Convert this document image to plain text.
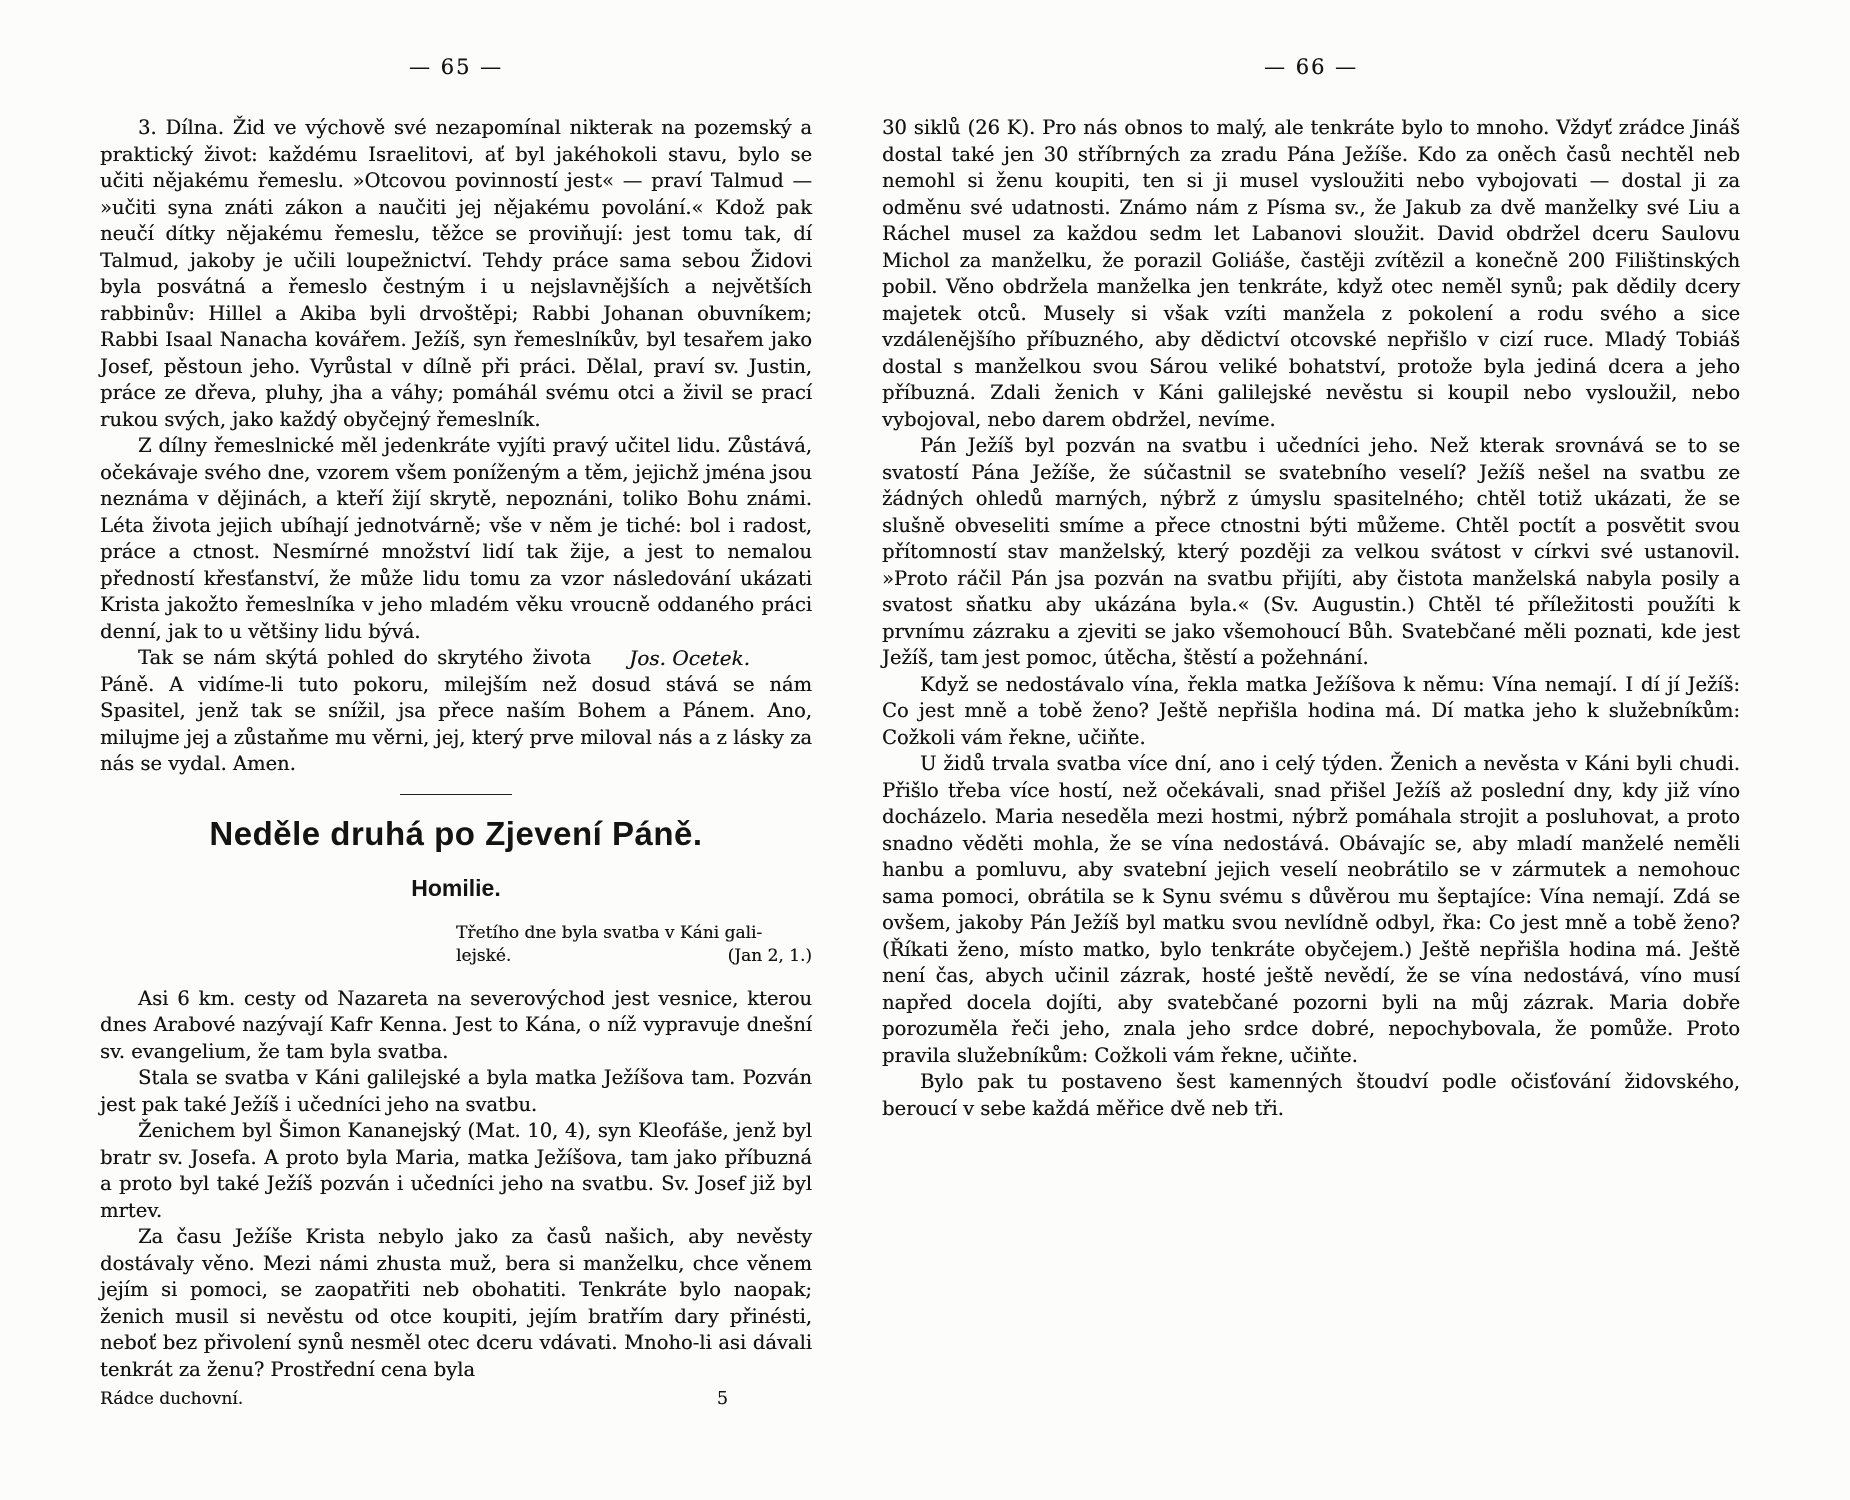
— 65 —

3. Dílna. Žid ve výchově své nezapomínal nikterak na pozemský a praktický život: každému Israelitovi, ať byl jakéhokoli stavu, bylo se učiti nějakému řemeslu. »Otcovou povinností jest« — praví Talmud — »učiti syna znáti zákon a naučiti jej nějakému povolání.« Kdož pak neučí dítky nějakému řemeslu, těžce se proviňují: jest tomu tak, dí Talmud, jakoby je učili loupežnictví. Tehdy práce sama sebou Židovi byla posvátná a řemeslo čestným i u nejslavnějších a největších rabbinův: Hillel a Akiba byli drvoštěpi; Rabbi Johanan obuvníkem; Rabbi Isaal Nanacha kovářem. Ježíš, syn řemeslníkův, byl tesařem jako Josef, pěstoun jeho. Vyrůstal v dílně při práci. Dělal, praví sv. Justin, práce ze dřeva, pluhy, jha a váhy; pomáhál svému otci a živil se prací rukou svých, jako každý obyčejný řemeslník.

Z dílny řemeslnické měl jedenkráte vyjíti pravý učitel lidu. Zůstává, očekávaje svého dne, vzorem všem poníženým a těm, jejichž jména jsou neznáma v dějinách, a kteří žijí skrytě, nepoznáni, toliko Bohu známi. Léta života jejich ubíhají jednotvárně; vše v něm je tiché: bol i radost, práce a ctnost. Nesmírné množství lidí tak žije, a jest to nemalou předností křesťanství, že může lidu tomu za vzor následování ukázati Krista jakožto řemeslníka v jeho mladém věku vroucně oddaného práci denní, jak to u většiny lidu bývá.

Jos. Ocetek.
Tak se nám skýtá pohled do skrytého života Páně. A vidíme-li tuto pokoru, milejším než dosud stává se nám Spasitel, jenž tak se snížil, jsa přece naším Bohem a Pánem. Ano, milujme jej a zůstaňme mu věrni, jej, který prve miloval nás a z lásky za nás se vydal. Amen.

Neděle druhá po Zjevení Páně.
Homilie.
Třetího dne byla svatba v Káni gali-
lejské.	(Jan 2, 1.)

Asi 6 km. cesty od Nazareta na severovýchod jest vesnice, kterou dnes Arabové nazývají Kafr Kenna. Jest to Kána, o níž vypravuje dnešní sv. evangelium, že tam byla svatba.

Stala se svatba v Káni galilejské a byla matka Ježíšova tam. Pozván jest pak také Ježíš i učedníci jeho na svatbu.

Ženichem byl Šimon Kananejský (Mat. 10, 4), syn Kleofáše, jenž byl bratr sv. Josefa. A proto byla Maria, matka Ježíšova, tam jako příbuzná a proto byl také Ježíš pozván i učedníci jeho na svatbu. Sv. Josef již byl mrtev.

Za času Ježíše Krista nebylo jako za časů našich, aby nevěsty dostávaly věno. Mezi námi zhusta muž, bera si manželku, chce věnem jejím si pomoci, se zaopatřiti neb obohatiti. Tenkráte bylo naopak; ženich musil si nevěstu od otce koupiti, jejím bratřím dary přinésti, neboť bez přivolení synů nesměl otec dceru vdávati. Mnoho-li asi dávali tenkrát za ženu? Prostřední cena byla

Rádce duchovní.	5
— 66 —

30 siklů (26 K). Pro nás obnos to malý, ale tenkráte bylo to mnoho. Vždyť zrádce Jináš dostal také jen 30 stříbrných za zradu Pána Ježíše. Kdo za oněch časů nechtěl neb nemohl si ženu koupiti, ten si ji musel vysloužiti nebo vybojovati — dostal ji za odměnu své udatnosti. Známo nám z Písma sv., že Jakub za dvě manželky své Liu a Ráchel musel za každou sedm let Labanovi sloužit. David obdržel dceru Saulovu Michol za manželku, že porazil Goliáše, častěji zvítězil a konečně 200 Filištinských pobil. Věno obdržela manželka jen tenkráte, když otec neměl synů; pak dědily dcery majetek otců. Musely si však vzíti manžela z pokolení a rodu svého a sice vzdálenějšího příbuzného, aby dědictví otcovské nepřišlo v cizí ruce. Mladý Tobiáš dostal s manželkou svou Sárou veliké bohatství, protože byla jediná dcera a jeho příbuzná. Zdali ženich v Káni galilejské nevěstu si koupil nebo vysloužil, nebo vybojoval, nebo darem obdržel, nevíme.

Pán Ježíš byl pozván na svatbu i učedníci jeho. Než kterak srovnává se to se svatostí Pána Ježíše, že súčastnil se svatebního veselí? Ježíš nešel na svatbu ze žádných ohledů marných, nýbrž z úmyslu spasitelného; chtěl totiž ukázati, že se slušně obveseliti smíme a přece ctnostni býti můžeme. Chtěl poctít a posvětit svou přítomností stav manželský, který později za velkou svátost v církvi své ustanovil. »Proto ráčil Pán jsa pozván na svatbu přijíti, aby čistota manželská nabyla posily a svatost sňatku aby ukázána byla.« (Sv. Augustin.) Chtěl té příležitosti použíti k prvnímu zázraku a zjeviti se jako všemohoucí Bůh. Svatebčané měli poznati, kde jest Ježíš, tam jest pomoc, útěcha, štěstí a požehnání.

Když se nedostávalo vína, řekla matka Ježíšova k němu: Vína nemají. I dí jí Ježíš: Co jest mně a tobě ženo? Ještě nepřišla hodina má. Dí matka jeho k služebníkům: Cožkoli vám řekne, učiňte.

U židů trvala svatba více dní, ano i celý týden. Ženich a nevěsta v Káni byli chudi. Přišlo třeba více hostí, než očekávali, snad přišel Ježíš až poslední dny, kdy již víno docházelo. Maria neseděla mezi hostmi, nýbrž pomáhala strojit a posluhovat, a proto snadno věděti mohla, že se vína nedostává. Obávajíc se, aby mladí manželé neměli hanbu a pomluvu, aby svatební jejich veselí neobrátilo se v zármutek a nemohouc sama pomoci, obrátila se k Synu svému s důvěrou mu šeptajíce: Vína nemají. Zdá se ovšem, jakoby Pán Ježíš byl matku svou nevlídně odbyl, řka: Co jest mně a tobě ženo? (Říkati ženo, místo matko, bylo tenkráte obyčejem.) Ještě nepřišla hodina má. Ještě není čas, abych učinil zázrak, hosté ještě nevědí, že se vína nedostává, víno musí napřed docela dojíti, aby svatebčané pozorni byli na můj zázrak. Maria dobře porozuměla řeči jeho, znala jeho srdce dobré, nepochybovala, že pomůže. Proto pravila služebníkům: Cožkoli vám řekne, učiňte.

Bylo pak tu postaveno šest kamenných štoudví podle očisťování židovského, beroucí v sebe každá měřice dvě neb tři.
